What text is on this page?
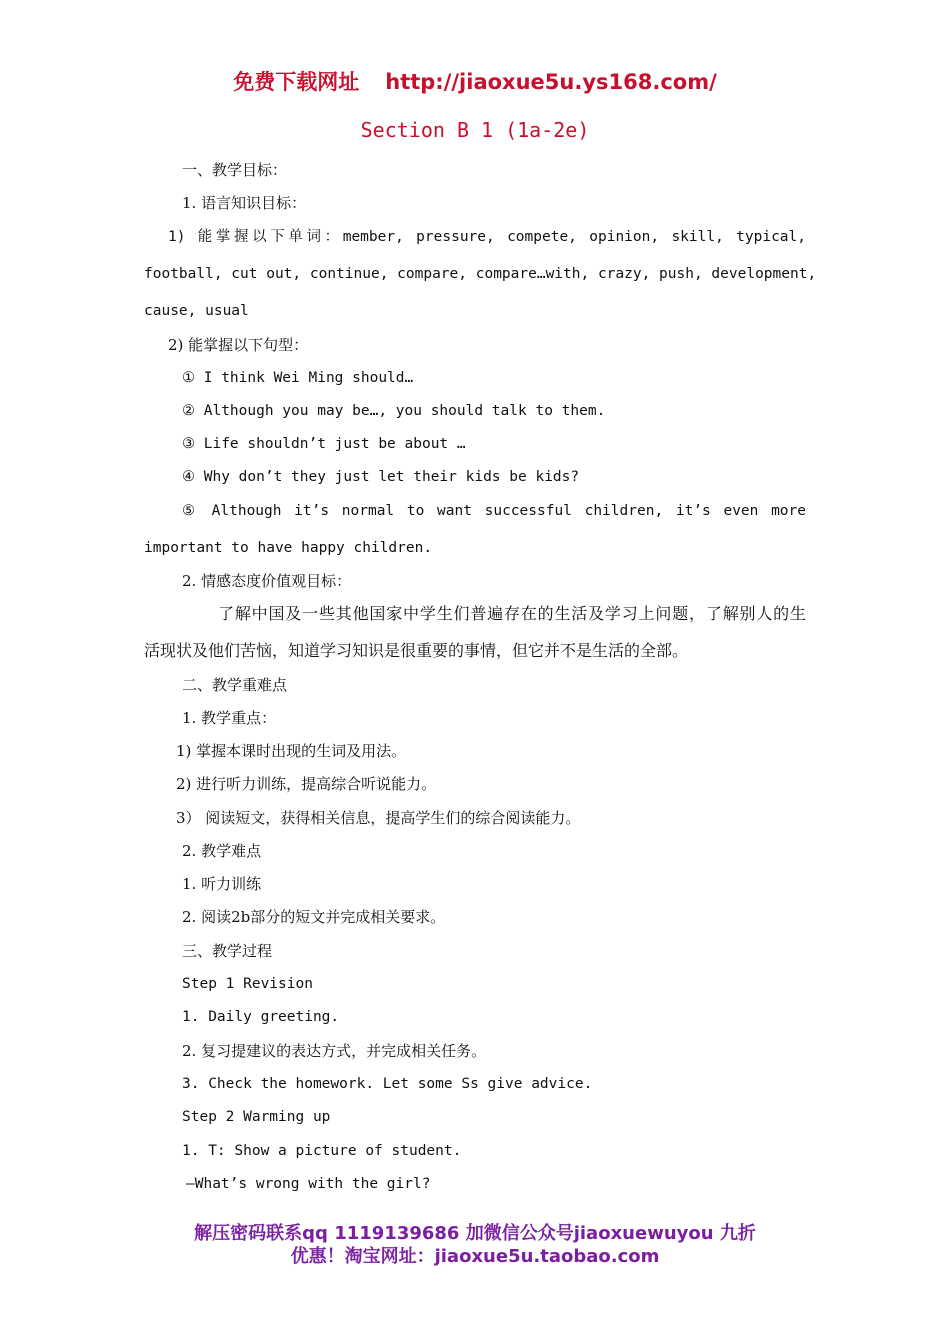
免费下载网址 http://jiaoxue5u.ys168.com/
Section B 1 (1a-2e)
一、教学目标：
1. 语言知识目标：
1) 能掌握以下单词：member, pressure, compete, opinion, skill, typical,
football, cut out, continue, compare, compare…with, crazy, push, development,
cause, usual
2) 能掌握以下句型：
① I think Wei Ming should…
② Although you may be…, you should talk to them.
③ Life shouldn’t just be about …
④ Why don’t they just let their kids be kids?
⑤ Although it’s normal to want successful children, it’s even more
important to have happy children.
2. 情感态度价值观目标：
了解中国及一些其他国家中学生们普遍存在的生活及学习上问题，了解别人的生
活现状及他们苦恼，知道学习知识是很重要的事情，但它并不是生活的全部。
二、教学重难点
1. 教学重点：
1) 掌握本课时出现的生词及用法。
2) 进行听力训练，提高综合听说能力。
3） 阅读短文，获得相关信息，提高学生们的综合阅读能力。
2. 教学难点
1. 听力训练
2. 阅读2b部分的短文并完成相关要求。
三、教学过程
Step 1 Revision
1. Daily greeting.
2. 复习提建议的表达方式，并完成相关任务。
3. Check the homework. Let some Ss give advice.
Step 2 Warming up
1. T: Show a picture of student.
—What’s wrong with the girl?
解压密码联系qq 1119139686 加微信公众号jiaoxuewuyou 九折
优惠！淘宝网址：jiaoxue5u.taobao.com
